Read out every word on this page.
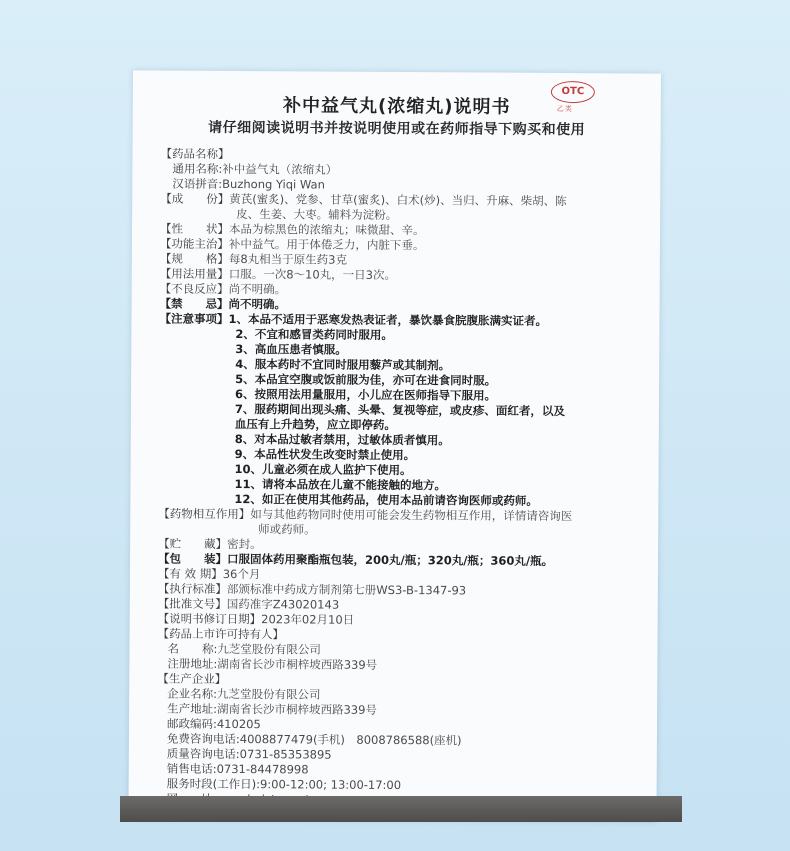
OTC
乙类
补中益气丸(浓缩丸)说明书
请仔细阅读说明书并按说明使用或在药师指导下购买和使用
【药品名称】
通用名称:补中益气丸（浓缩丸）
汉语拼音:Buzhong Yiqi Wan
【成　　份】黄芪(蜜炙)、党参、甘草(蜜炙)、白术(炒)、当归、升麻、柴胡、陈
皮、生姜、大枣。辅料为淀粉。
【性　　状】本品为棕黑色的浓缩丸；味微甜、辛。
【功能主治】补中益气。用于体倦乏力，内脏下垂。
【规　　格】每8丸相当于原生药3克
【用法用量】口服。一次8～10丸，一日3次。
【不良反应】尚不明确。
【禁　　忌】尚不明确。
【注意事项】1、本品不适用于恶寒发热表证者，暴饮暴食脘腹胀满实证者。
2、不宜和感冒类药同时服用。
3、高血压患者慎服。
4、服本药时不宜同时服用藜芦或其制剂。
5、本品宜空腹或饭前服为佳，亦可在进食同时服。
6、按照用法用量服用，小儿应在医师指导下服用。
7、服药期间出现头痛、头晕、复视等症，或皮疹、面红者，以及
血压有上升趋势，应立即停药。
8、对本品过敏者禁用，过敏体质者慎用。
9、本品性状发生改变时禁止使用。
10、儿童必须在成人监护下使用。
11、请将本品放在儿童不能接触的地方。
12、如正在使用其他药品，使用本品前请咨询医师或药师。
【药物相互作用】如与其他药物同时使用可能会发生药物相互作用，详情请咨询医
师或药师。
【贮　　藏】密封。
【包　　装】口服固体药用聚酯瓶包装，200丸/瓶；320丸/瓶；360丸/瓶。
【有 效 期】36个月
【执行标准】部颁标准中药成方制剂第七册WS3-B-1347-93
【批准文号】国药准字Z43020143
【说明书修订日期】2023年02月10日
【药品上市许可持有人】
名　　称:九芝堂股份有限公司
注册地址:湖南省长沙市桐梓坡西路339号
【生产企业】
企业名称:九芝堂股份有限公司
生产地址:湖南省长沙市桐梓坡西路339号
邮政编码:410205
免费咨询电话:4008877479(手机)　8008786588(座机)
质量咨询电话:0731-85353895
销售电话:0731-84478998
服务时段(工作日):9:00-12:00; 13:00-17:00
